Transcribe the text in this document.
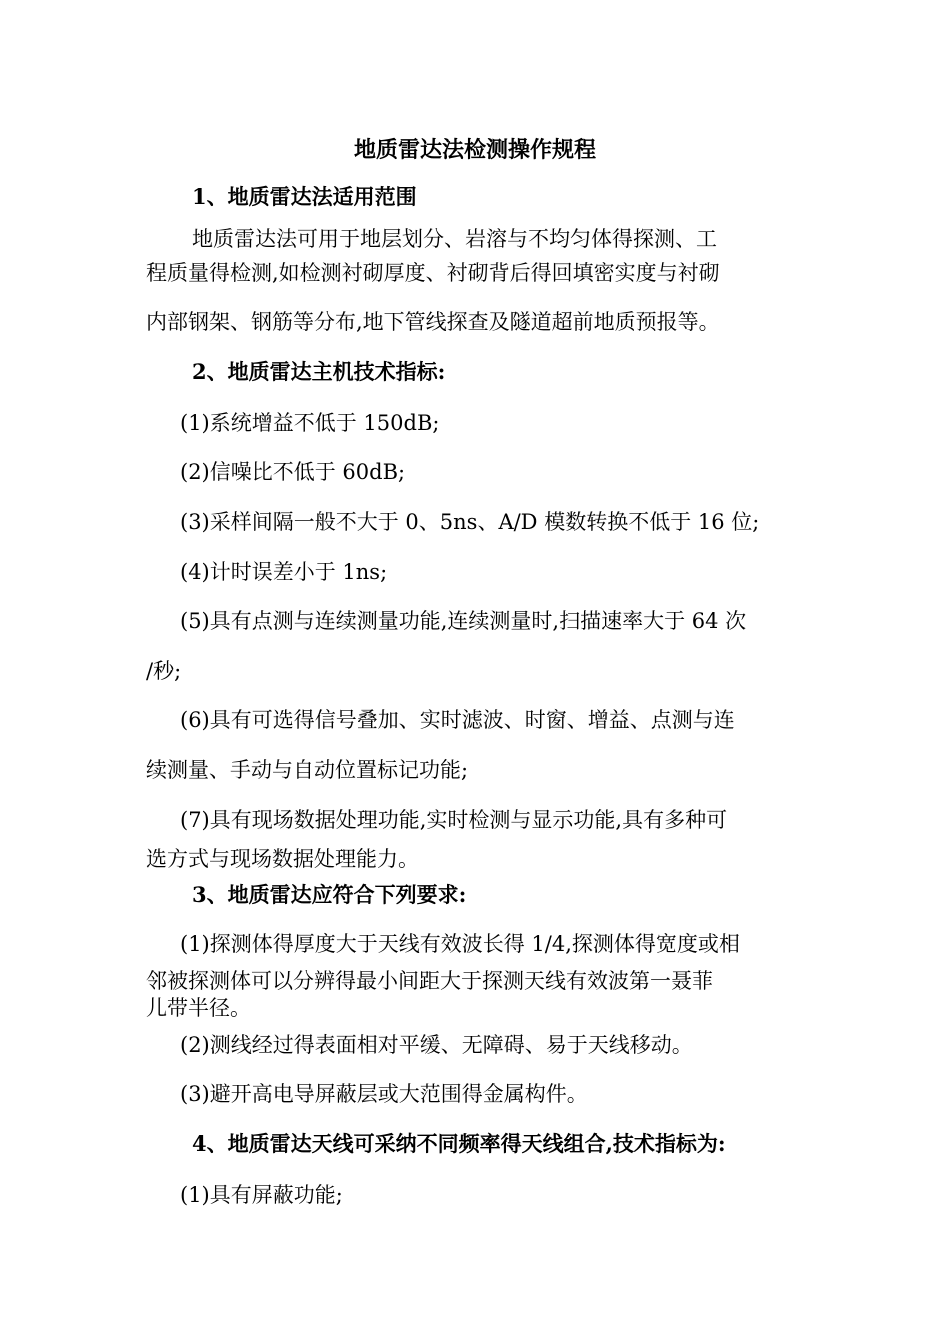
地质雷达法检测操作规程
1、地质雷达法适用范围

地质雷达法可用于地层划分、岩溶与不均匀体得探测、工

程质量得检测,如检测衬砌厚度、衬砌背后得回填密实度与衬砌

内部钢架、钢筋等分布,地下管线探查及隧道超前地质预报等。

2、地质雷达主机技术指标:

(1)系统增益不低于 150dB;

(2)信噪比不低于 60dB;

(3)采样间隔一般不大于 0、5ns、A/D 模数转换不低于 16 位;

(4)计时误差小于 1ns;

(5)具有点测与连续测量功能,连续测量时,扫描速率大于 64 次

/秒;

(6)具有可选得信号叠加、实时滤波、时窗、增益、点测与连

续测量、手动与自动位置标记功能;

(7)具有现场数据处理功能,实时检测与显示功能,具有多种可

选方式与现场数据处理能力。

3、地质雷达应符合下列要求:

(1)探测体得厚度大于天线有效波长得 1/4,探测体得宽度或相

邻被探测体可以分辨得最小间距大于探测天线有效波第一聂菲

儿带半径。

(2)测线经过得表面相对平缓、无障碍、易于天线移动。

(3)避开高电导屏蔽层或大范围得金属构件。

4、地质雷达天线可采纳不同频率得天线组合,技术指标为:

(1)具有屏蔽功能;
